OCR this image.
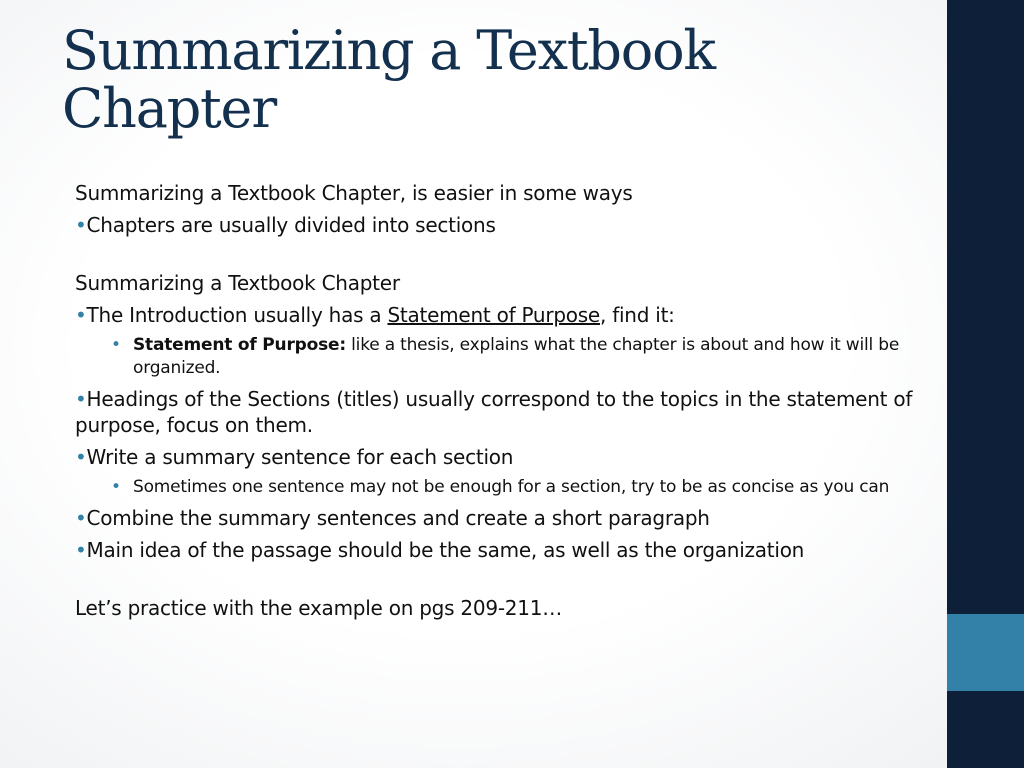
Summarizing a Textbook Chapter

Summarizing a Textbook Chapter, is easier in some ways

•Chapters are usually divided into sections

Summarizing a Textbook Chapter

•The Introduction usually has a Statement of Purpose, find it:

• Statement of Purpose: like a thesis, explains what the chapter is about and how it will be organized.

•Headings of the Sections (titles) usually correspond to the topics in the statement of purpose, focus on them.

•Write a summary sentence for each section

• Sometimes one sentence may not be enough for a section, try to be as concise as you can

•Combine the summary sentences and create a short paragraph

•Main idea of the passage should be the same, as well as the organization

Let’s practice with the example on pgs 209-211…
